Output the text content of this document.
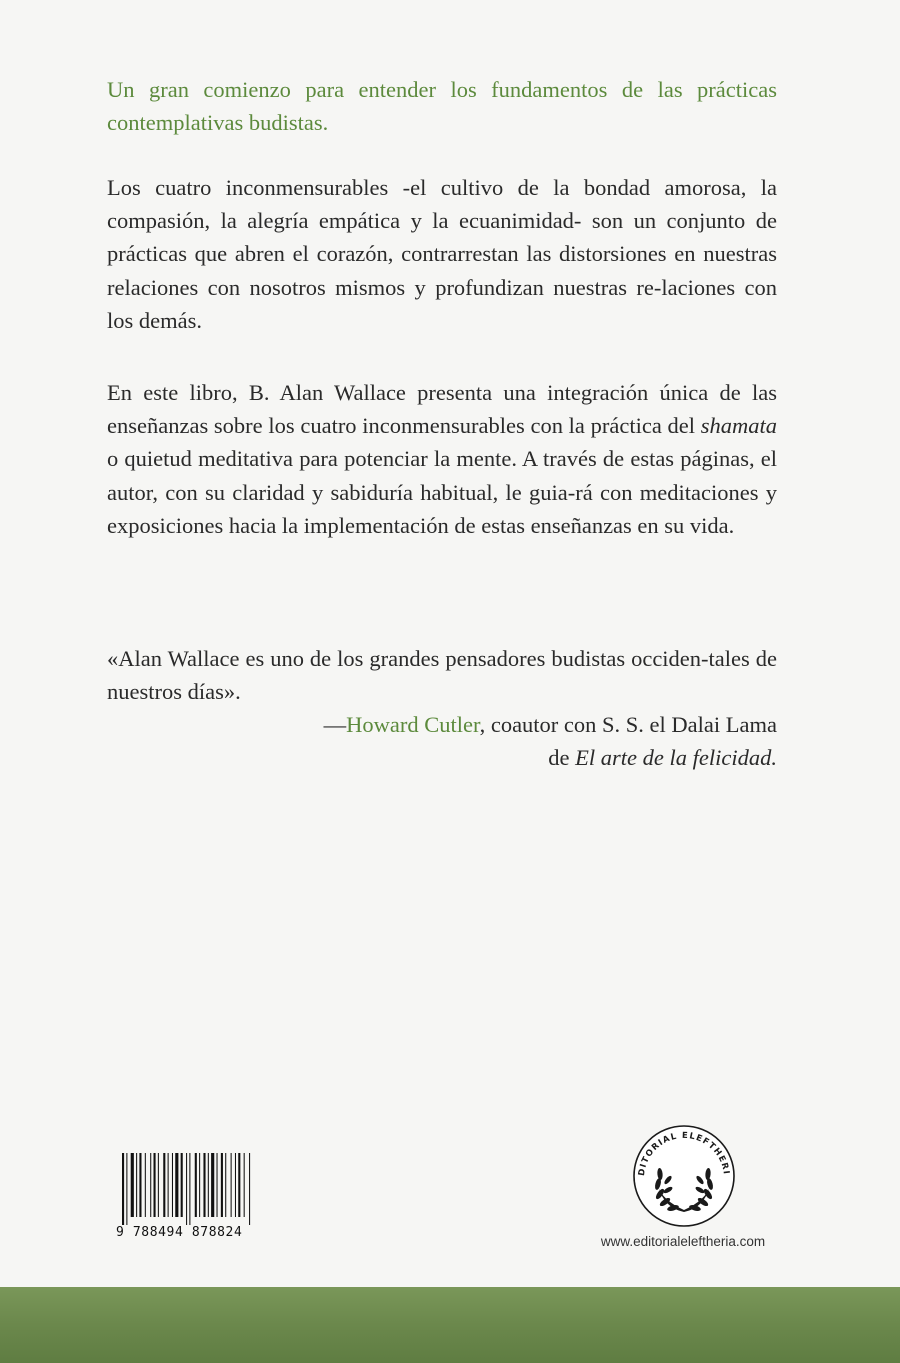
Un gran comienzo para entender los fundamentos de las prácticas contemplativas budistas.

Los cuatro inconmensurables -el cultivo de la bondad amorosa, la compasión, la alegría empática y la ecuanimidad- son un conjunto de prácticas que abren el corazón, contrarrestan las distorsiones en nuestras relaciones con nosotros mismos y profundizan nuestras re-laciones con los demás.

En este libro, B. Alan Wallace presenta una integración única de las enseñanzas sobre los cuatro inconmensurables con la práctica del shamata o quietud meditativa para potenciar la mente. A través de estas páginas, el autor, con su claridad y sabiduría habitual, le guia-rá con meditaciones y exposiciones hacia la implementación de estas enseñanzas en su vida.

«Alan Wallace es uno de los grandes pensadores budistas occiden-tales de nuestros días».

—Howard Cutler, coautor con S. S. el Dalai Lama
de El arte de la felicidad.
9 788494 878824
DITORIAL ELEFTHERI
www.editorialeleftheria.com
